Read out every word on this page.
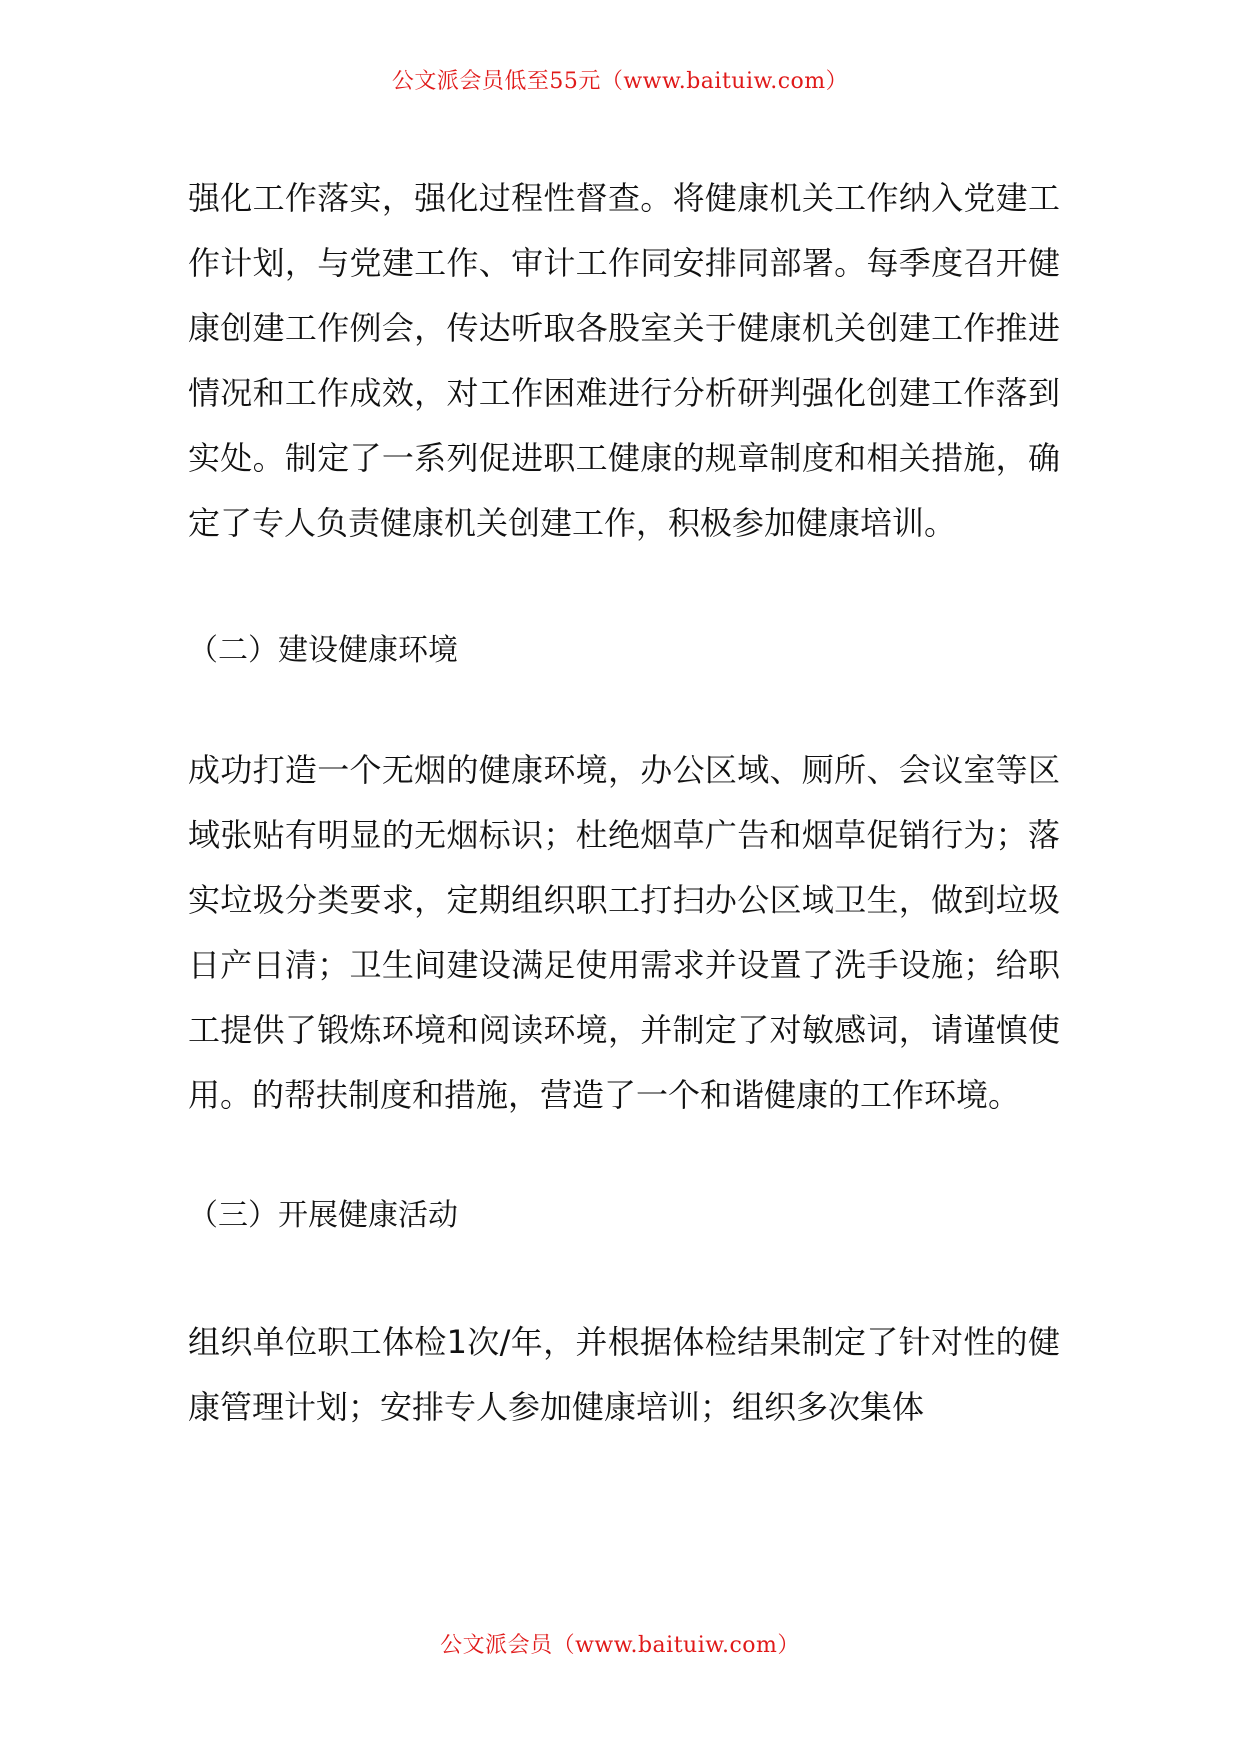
公文派会员低至55元（www.baituiw.com）

强化工作落实，强化过程性督查。将健康机关工作纳入党建工作计划，与党建工作、审计工作同安排同部署。每季度召开健康创建工作例会，传达听取各股室关于健康机关创建工作推进情况和工作成效，对工作困难进行分析研判强化创建工作落到实处。制定了一系列促进职工健康的规章制度和相关措施，确定了专人负责健康机关创建工作，积极参加健康培训。

（二）建设健康环境

成功打造一个无烟的健康环境，办公区域、厕所、会议室等区域张贴有明显的无烟标识；杜绝烟草广告和烟草促销行为；落实垃圾分类要求，定期组织职工打扫办公区域卫生，做到垃圾日产日清；卫生间建设满足使用需求并设置了洗手设施；给职工提供了锻炼环境和阅读环境，并制定了对敏感词，请谨慎使用。的帮扶制度和措施，营造了一个和谐健康的工作环境。

（三）开展健康活动

组织单位职工体检1次/年，并根据体检结果制定了针对性的健康管理计划；安排专人参加健康培训；组织多次集体

公文派会员（www.baituiw.com）
